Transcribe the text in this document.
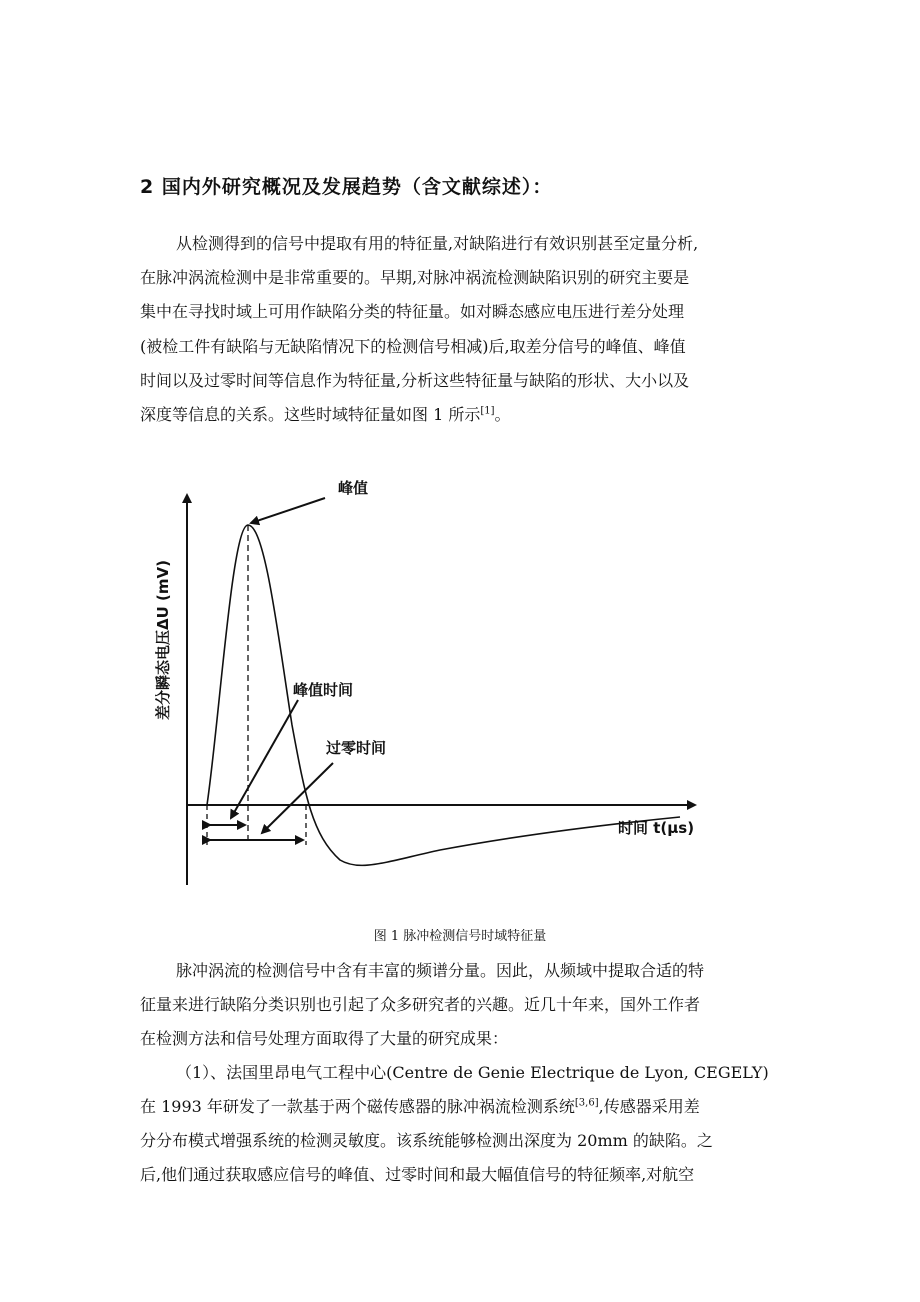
2 国内外研究概况及发展趋势（含文献综述）：
从检测得到的信号中提取有用的特征量,对缺陷进行有效识别甚至定量分析,
在脉冲涡流检测中是非常重要的。早期,对脉冲祸流检测缺陷识别的研究主要是
集中在寻找时域上可用作缺陷分类的特征量。如对瞬态感应电压进行差分处理
(被检工件有缺陷与无缺陷情况下的检测信号相减)后,取差分信号的峰值、峰值
时间以及过零时间等信息作为特征量,分析这些特征量与缺陷的形状、大小以及
深度等信息的关系。这些时域特征量如图 1 所示[1]。
峰值
峰值时间
过零时间
时间 t(μs)
差分瞬态电压ΔU (mV)
图 1 脉冲检测信号时域特征量
脉冲涡流的检测信号中含有丰富的频谱分量。因此，从频域中提取合适的特
征量来进行缺陷分类识别也引起了众多研究者的兴趣。近几十年来，国外工作者
在检测方法和信号处理方面取得了大量的研究成果：
（1）、法国里昂电气工程中心(Centre de Genie Electrique de Lyon, CEGELY)
在 1993 年研发了一款基于两个磁传感器的脉冲祸流检测系统[3,6],传感器采用差
分分布模式增强系统的检测灵敏度。该系统能够检测出深度为 20mm 的缺陷。之
后,他们通过获取感应信号的峰值、过零时间和最大幅值信号的特征频率,对航空
